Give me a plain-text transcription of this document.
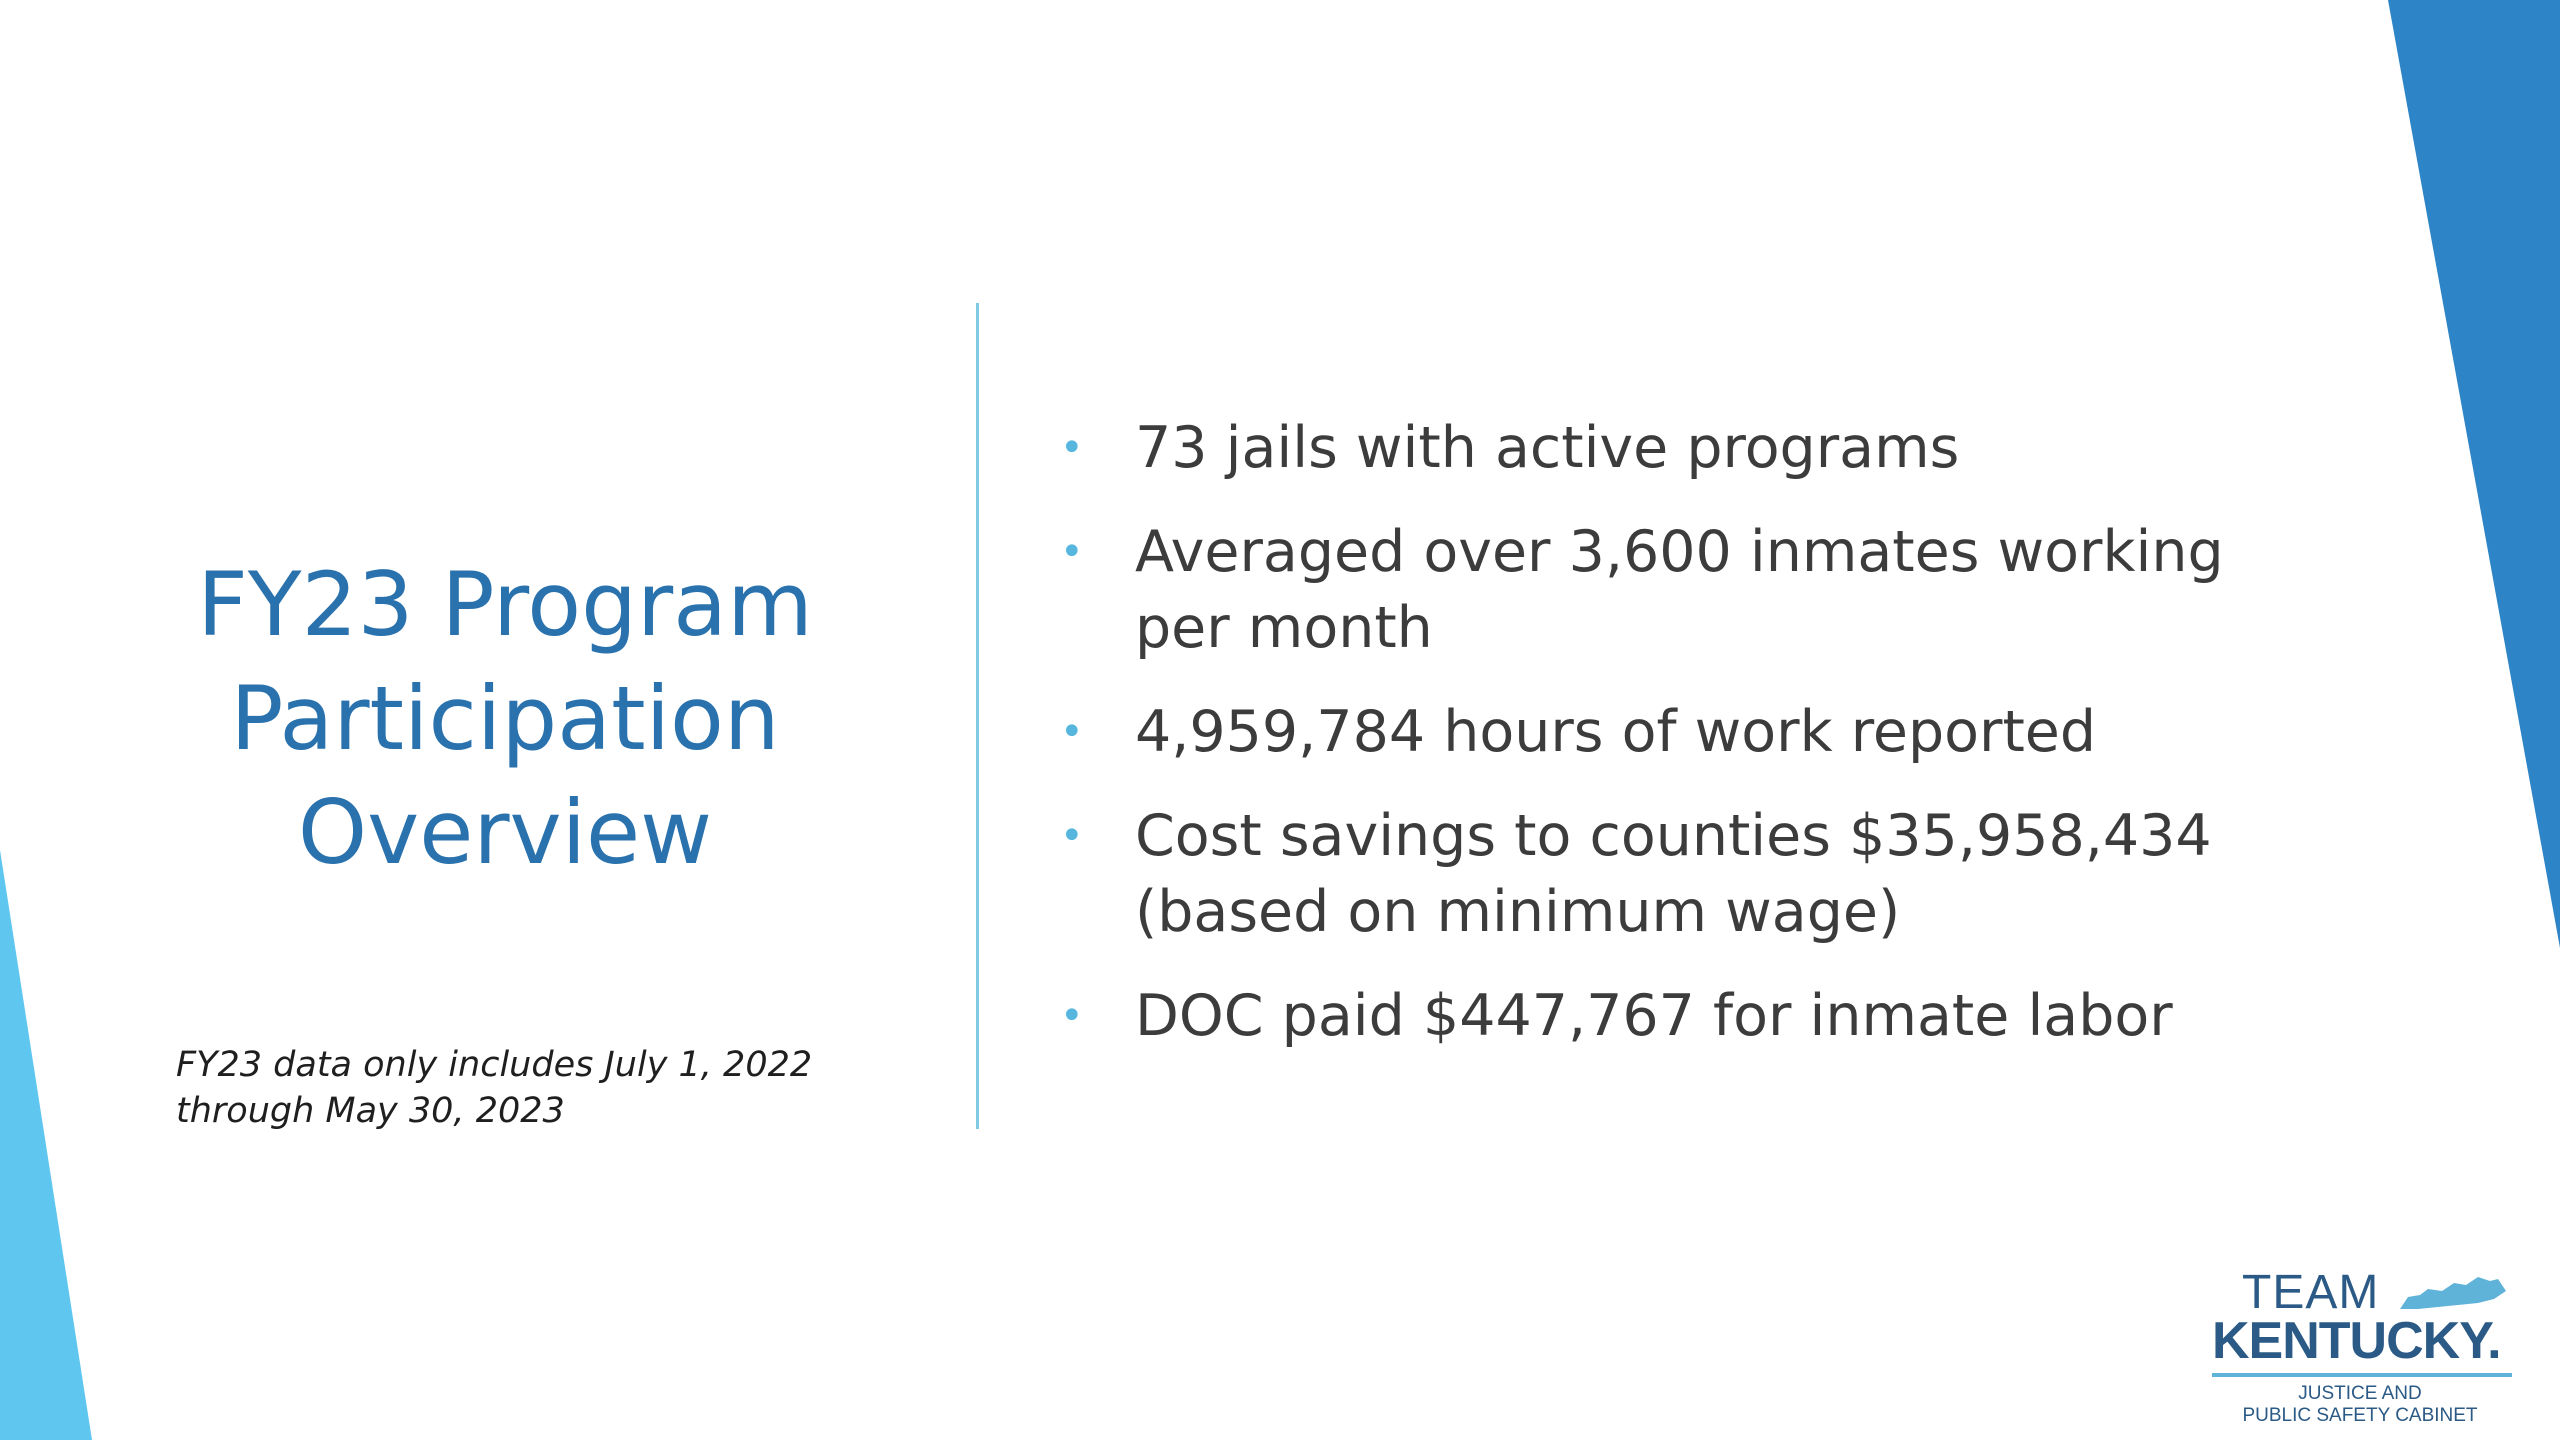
FY23 Program
Participation
Overview
FY23 data only includes July 1, 2022
through May 30, 2023
• 73 jails with active programs
• Averaged over 3,600 inmates working
per month
• 4,959,784 hours of work reported
• Cost savings to counties $35,958,434
(based on minimum wage)
• DOC paid $447,767 for inmate labor
TEAM
KENTUCKY.
JUSTICE AND
PUBLIC SAFETY CABINET
